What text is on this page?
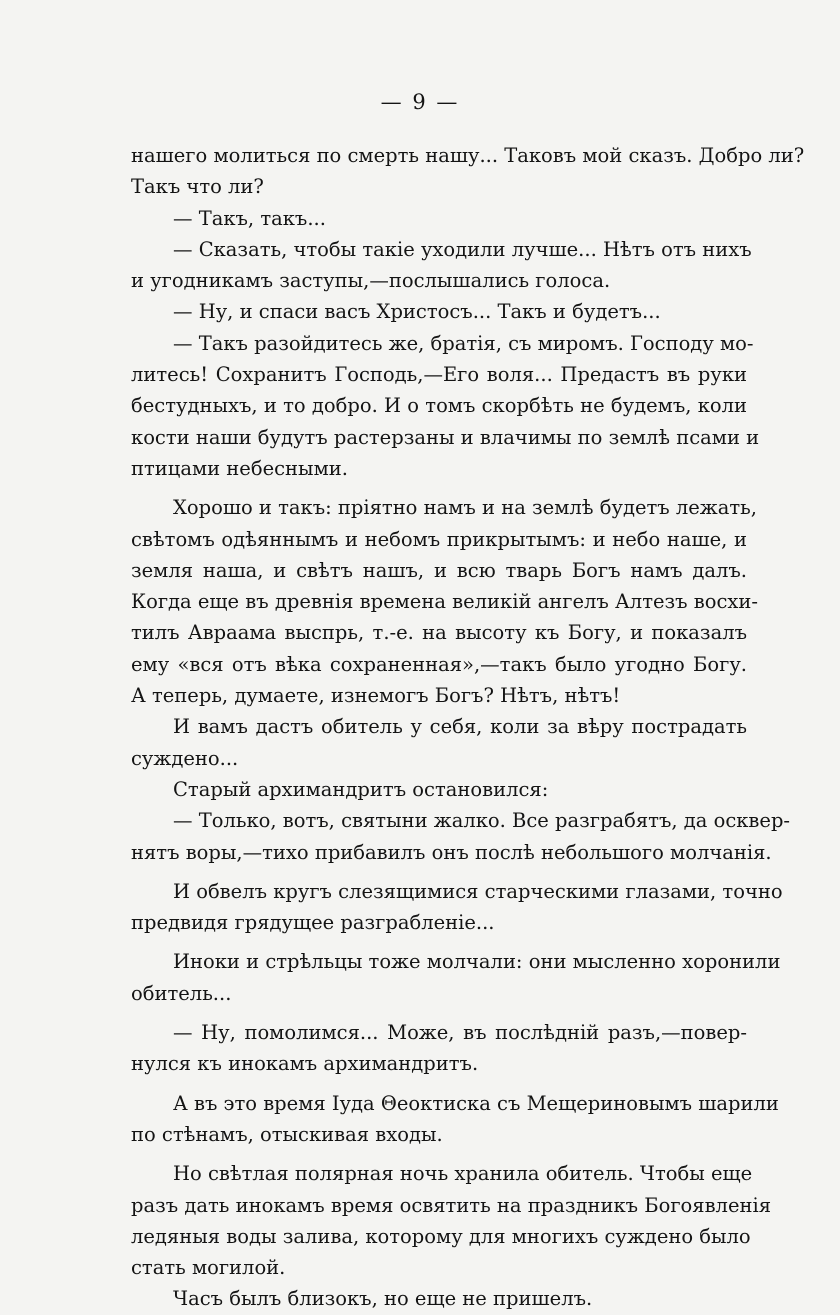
— 9 —
нашего молиться по смерть нашу... Таковъ мой сказъ. Добро ли?
Такъ что ли?
— Такъ, такъ...
— Сказать, чтобы такіе уходили лучше... Нѣтъ отъ нихъ
и угодникамъ заступы,—послышались голоса.
— Ну, и спаси васъ Христосъ... Такъ и будетъ...
— Такъ разойдитесь же, братія, съ миромъ. Господу мо-
литесь! Сохранитъ Господь,—Его воля... Предастъ въ руки
бестудныхъ, и то добро. И о томъ скорбѣть не будемъ, коли
кости наши будутъ растерзаны и влачимы по землѣ псами и
птицами небесными.
Хорошо и такъ: пріятно намъ и на землѣ будетъ лежать,
свѣтомъ одѣяннымъ и небомъ прикрытымъ: и небо наше, и
земля наша, и свѣтъ нашъ, и всю тварь Богъ намъ далъ.
Когда еще въ древнія времена великій ангелъ Алтезъ восхи-
тилъ Авраама выспрь, т.-е. на высоту къ Богу, и показалъ
ему «вся отъ вѣка сохраненная»,—такъ было угодно Богу.
А теперь, думаете, изнемогъ Богъ? Нѣтъ, нѣтъ!
И вамъ дастъ обитель у себя, коли за вѣру пострадать
суждено...
Старый архимандритъ остановился:
— Только, вотъ, святыни жалко. Все разграбятъ, да осквер-
нятъ воры,—тихо прибавилъ онъ послѣ небольшого молчанія.
И обвелъ кругъ слезящимися старческими глазами, точно
предвидя грядущее разграбленіе...
Иноки и стрѣльцы тоже молчали: они мысленно хоронили
обитель...
— Ну, помолимся... Може, въ послѣдній разъ,—повер-
нулся къ инокамъ архимандритъ.
А въ это время Іуда Θеоктиска съ Мещериновымъ шарили
по стѣнамъ, отыскивая входы.
Но свѣтлая полярная ночь хранила обитель. Чтобы еще
разъ дать инокамъ время освятить на праздникъ Богоявленія
ледяныя воды залива, которому для многихъ суждено было
стать могилой.
Часъ былъ близокъ, но еще не пришелъ.
